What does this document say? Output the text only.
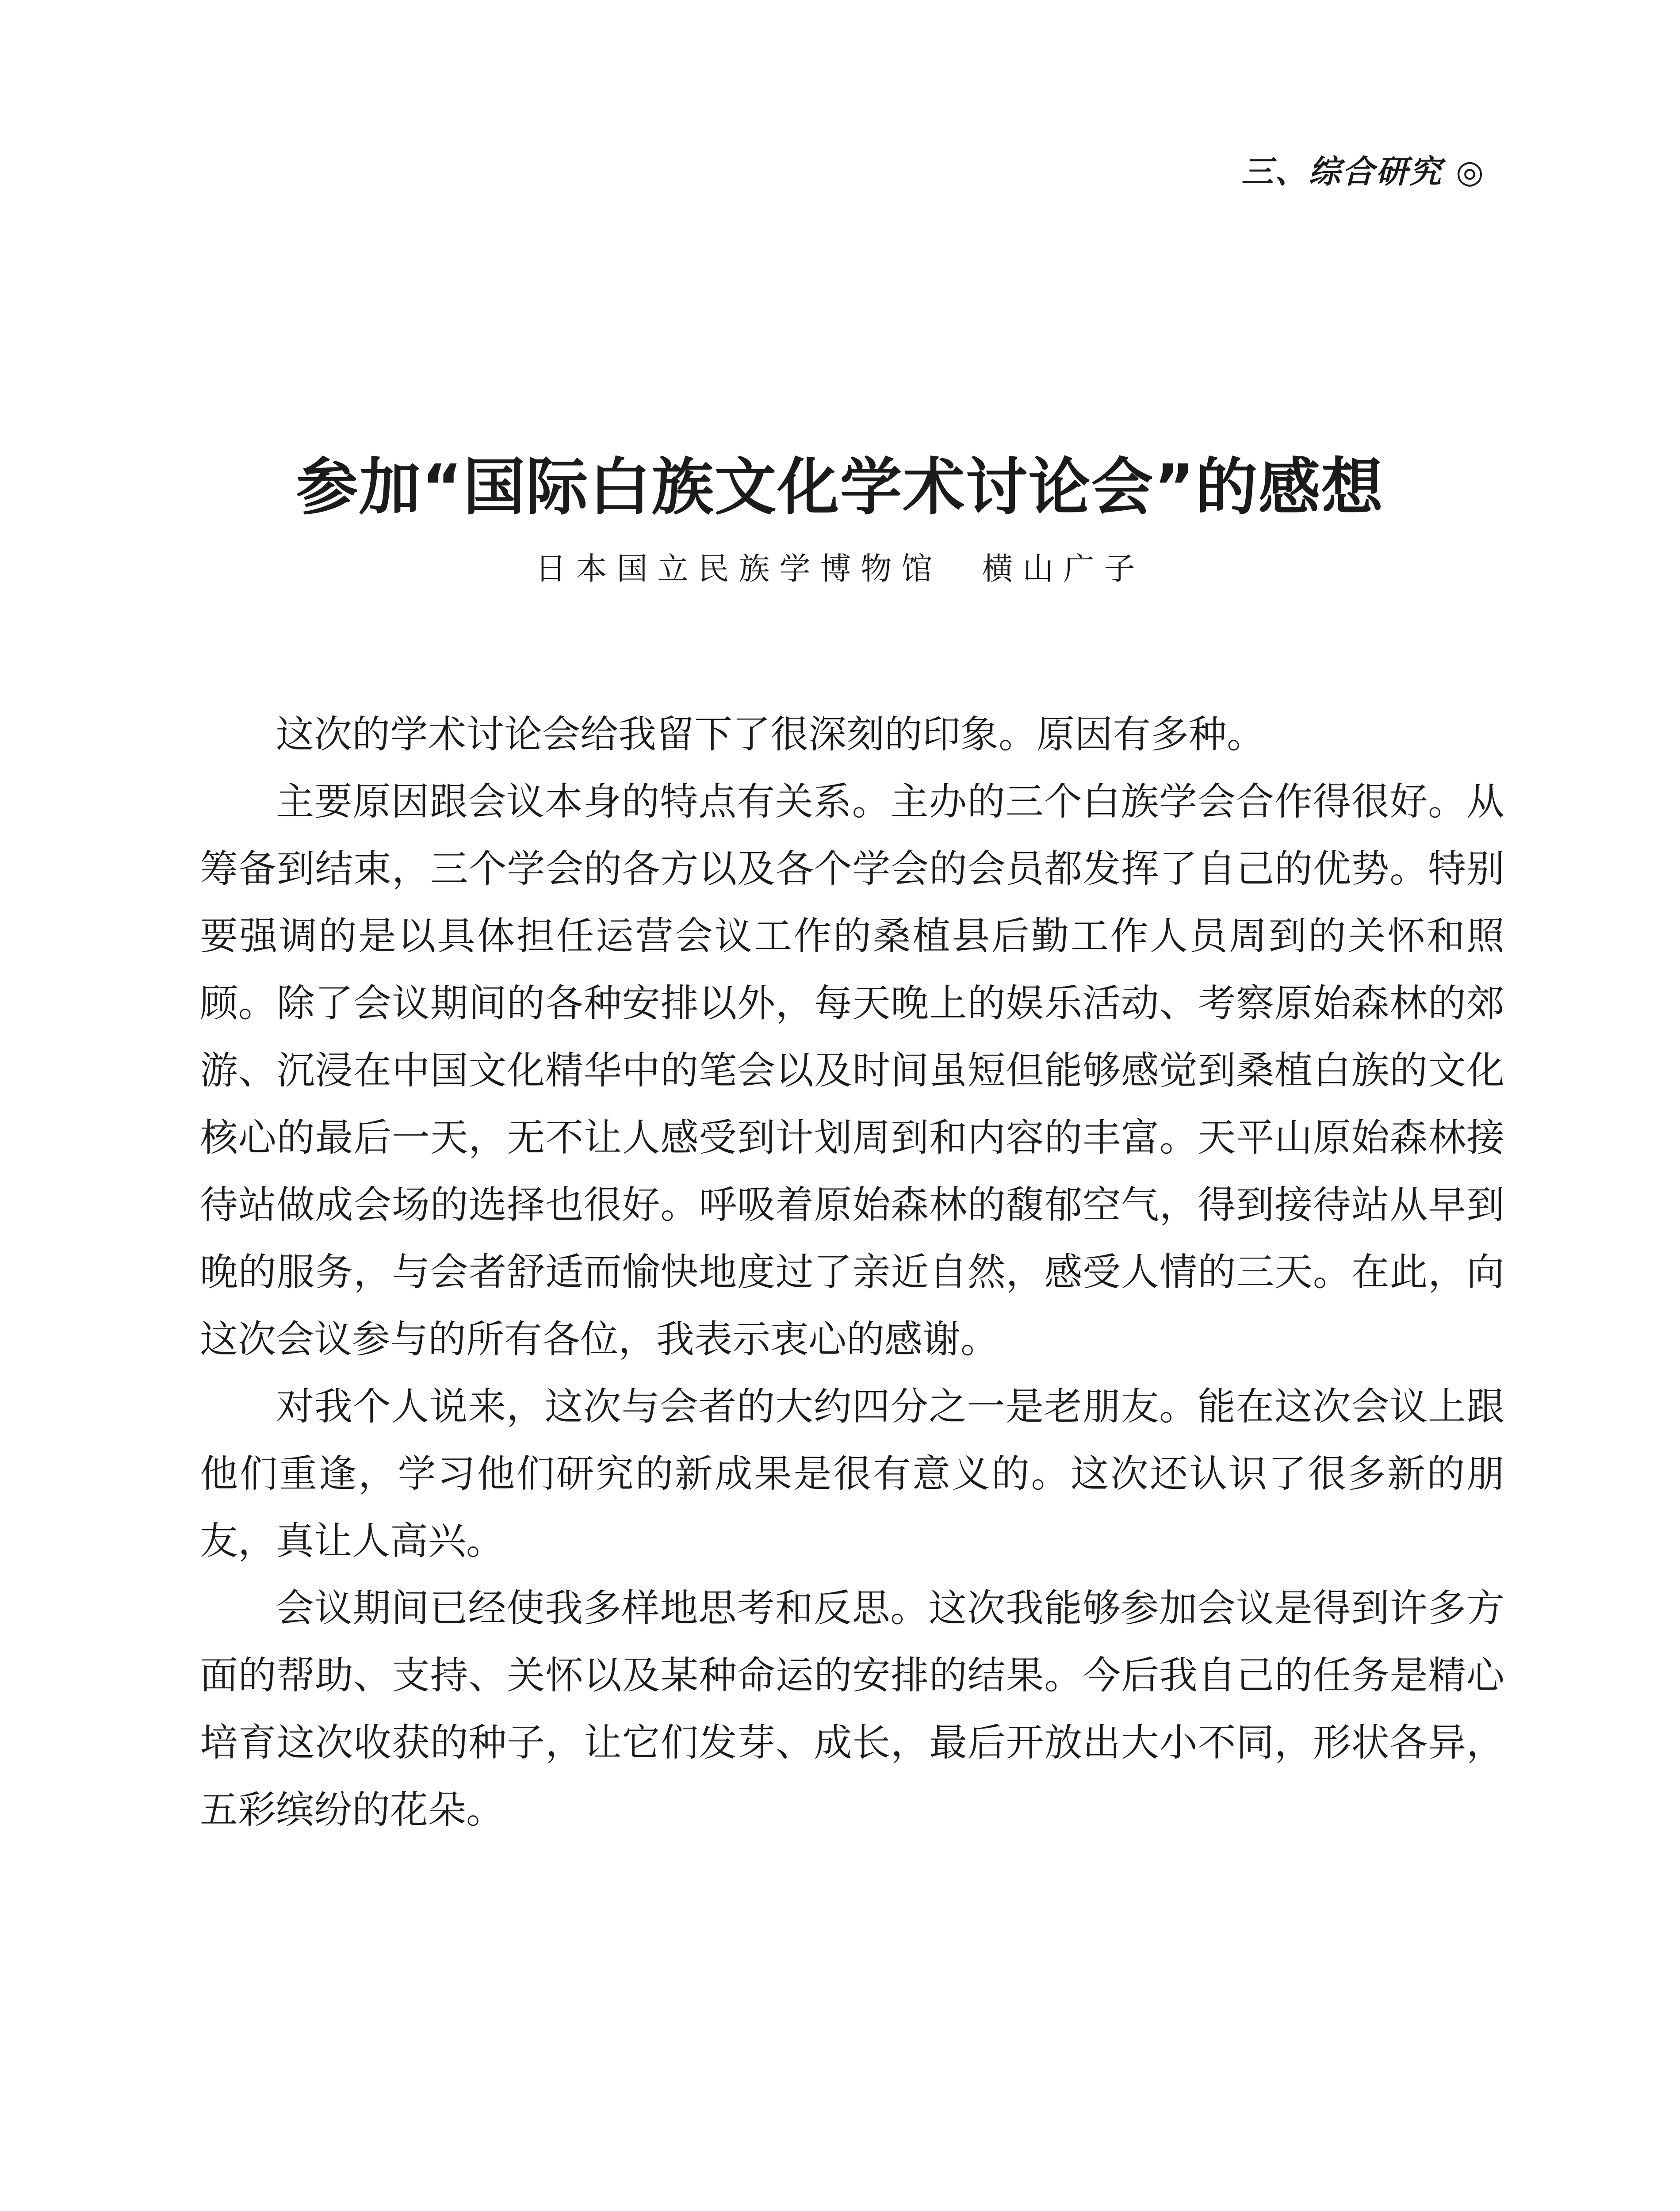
三、综合研究 ◎
参加“国际白族文化学术讨论会”的感想
日本国立民族学博物馆 横山广子

这次的学术讨论会给我留下了很深刻的印象。原因有多种。

主要原因跟会议本身的特点有关系。主办的三个白族学会合作得很好。从筹备到结束，三个学会的各方以及各个学会的会员都发挥了自己的优势。特别要强调的是以具体担任运营会议工作的桑植县后勤工作人员周到的关怀和照顾。除了会议期间的各种安排以外，每天晚上的娱乐活动、考察原始森林的郊游、沉浸在中国文化精华中的笔会以及时间虽短但能够感觉到桑植白族的文化核心的最后一天，无不让人感受到计划周到和内容的丰富。天平山原始森林接待站做成会场的选择也很好。呼吸着原始森林的馥郁空气，得到接待站从早到晚的服务，与会者舒适而愉快地度过了亲近自然，感受人情的三天。在此，向这次会议参与的所有各位，我表示衷心的感谢。

对我个人说来，这次与会者的大约四分之一是老朋友。能在这次会议上跟他们重逢，学习他们研究的新成果是很有意义的。这次还认识了很多新的朋友，真让人高兴。

会议期间已经使我多样地思考和反思。这次我能够参加会议是得到许多方面的帮助、支持、关怀以及某种命运的安排的结果。今后我自己的任务是精心培育这次收获的种子，让它们发芽、成长，最后开放出大小不同，形状各异，五彩缤纷的花朵。
